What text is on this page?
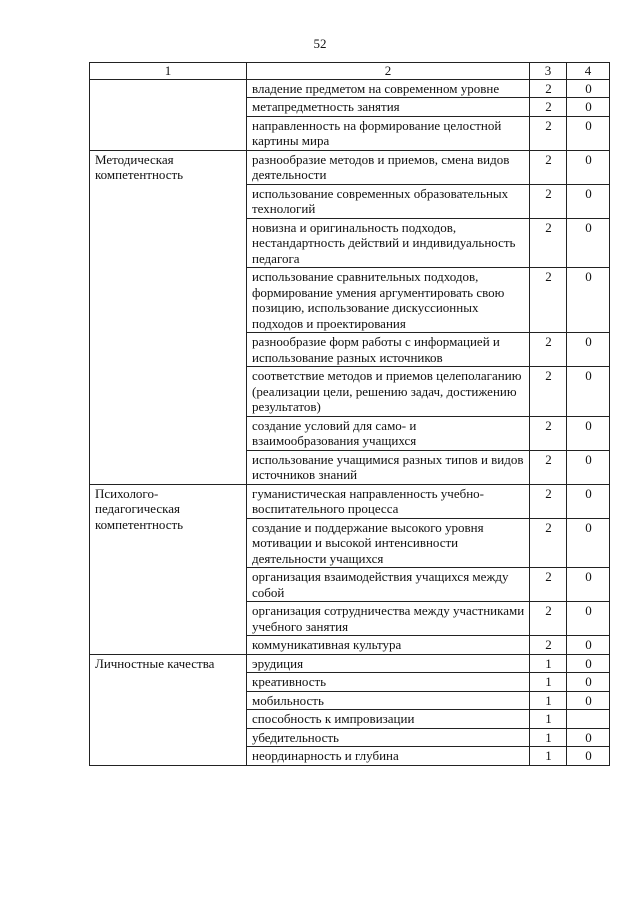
52
1	2	3	4
	владение предметом на современном уровне	2	0
	метапредметность занятия	2	0
	направленность на формирование целостной картины мира	2	0
Методическая компетентность	разнообразие методов и приемов, смена видов деятельности	2	0
	использование современных образовательных технологий	2	0
	новизна и оригинальность подходов, нестандартность действий и индивидуальность педагога	2	0
	использование сравнительных подходов, формирование умения аргументировать свою позицию, использование дискуссионных подходов и проектирования	2	0
	разнообразие форм работы с информацией и использование разных источников	2	0
	соответствие методов и приемов целеполаганию (реализации цели, решению задач, достижению результатов)	2	0
	создание условий для само- и взаимообразования учащихся	2	0
	использование учащимися разных типов и видов источников знаний	2	0
Психолого-педагогическая компетентность	гуманистическая направленность учебно-воспитательного процесса	2	0
	создание и поддержание высокого уровня мотивации и высокой интенсивности деятельности учащихся	2	0
	организация взаимодействия учащихся между собой	2	0
	организация сотрудничества между участниками учебного занятия	2	0
	коммуникативная культура	2	0
Личностные качества	эрудиция	1	0
	креативность	1	0
	мобильность	1	0
	способность к импровизации	1	
	убедительность	1	0
	неординарность и глубина	1	0
